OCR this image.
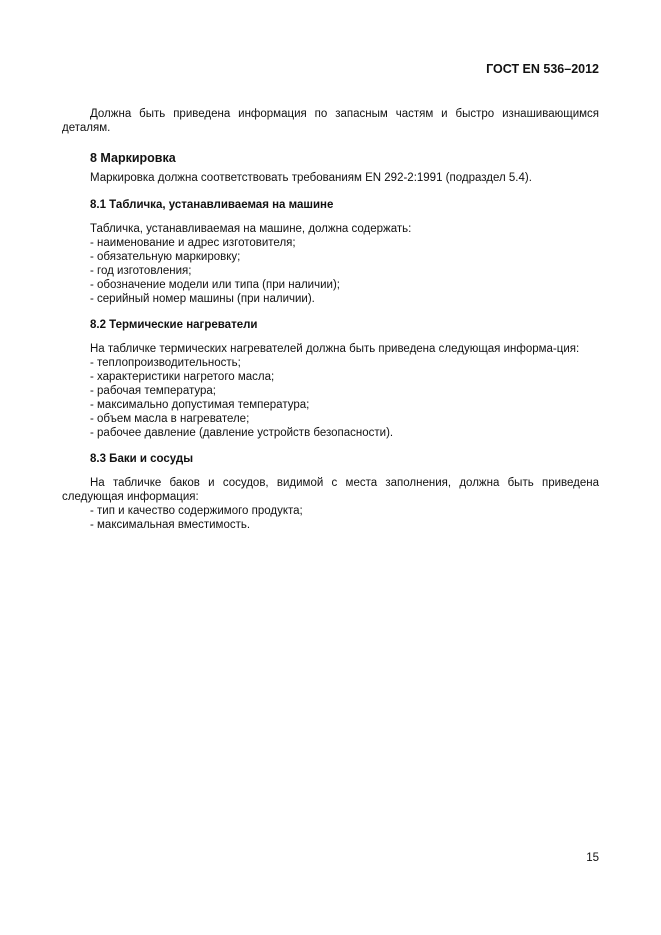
ГОСТ EN 536–2012

Должна быть приведена информация по запасным частям и быстро изнашивающимся деталям.

8 Маркировка

Маркировка должна соответствовать требованиям EN 292-2:1991 (подраздел 5.4).

8.1 Табличка, устанавливаемая на машине

Табличка, устанавливаемая на машине, должна содержать:

- наименование и адрес изготовителя;

- обязательную маркировку;

- год изготовления;

- обозначение модели или типа (при наличии);

- серийный номер машины (при наличии).

8.2 Термические нагреватели

На табличке термических нагревателей должна быть приведена следующая информа-ция:

- теплопроизводительность;

- характеристики нагретого масла;

- рабочая температура;

- максимально допустимая температура;

- объем масла в нагревателе;

- рабочее давление (давление устройств безопасности).

8.3 Баки и сосуды

На табличке баков и сосудов, видимой с места заполнения, должна быть приведена следующая информация:

- тип и качество содержимого продукта;

- максимальная вместимость.

15
